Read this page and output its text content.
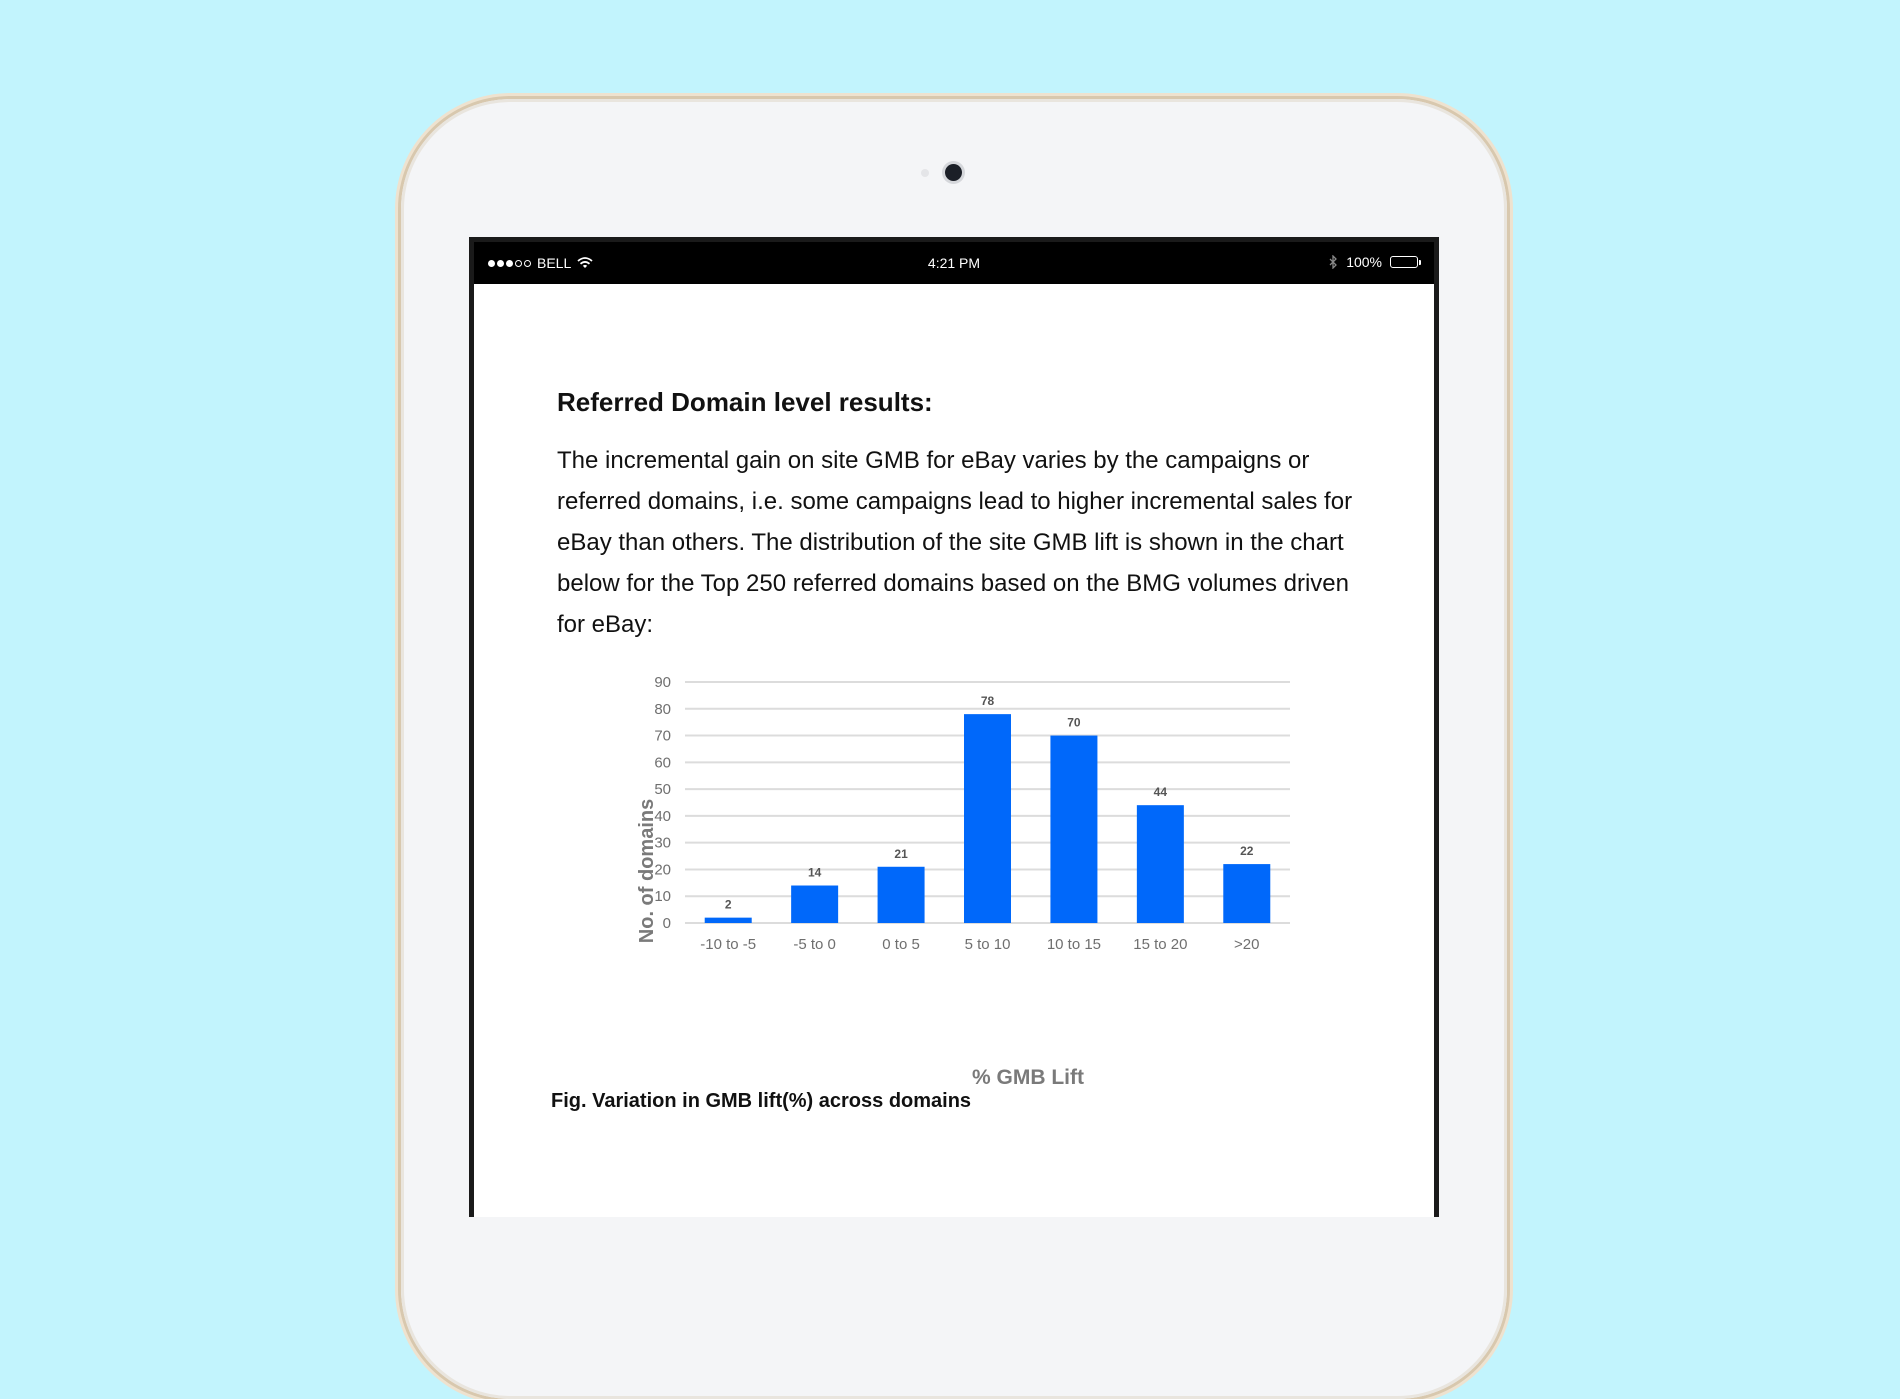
BELL	4:21 PM	100%
Referred Domain level results:

The incremental gain on site GMB for eBay varies by the campaigns or referred domains, i.e. some campaigns lead to higher incremental sales for eBay than others. The distribution of the site GMB lift is shown in the chart below for the Top 250 referred domains based on the BMG volumes driven for eBay:

0
10
20
30
40
50
60
70
80
90
2
14
21
78
70
44
22
-10 to -5 -5 to 0	0 to 5	5 to 10 10 to 15 15 to 20	>20
No. of domains
% GMB Lift

Fig. Variation in GMB lift(%) across domains
